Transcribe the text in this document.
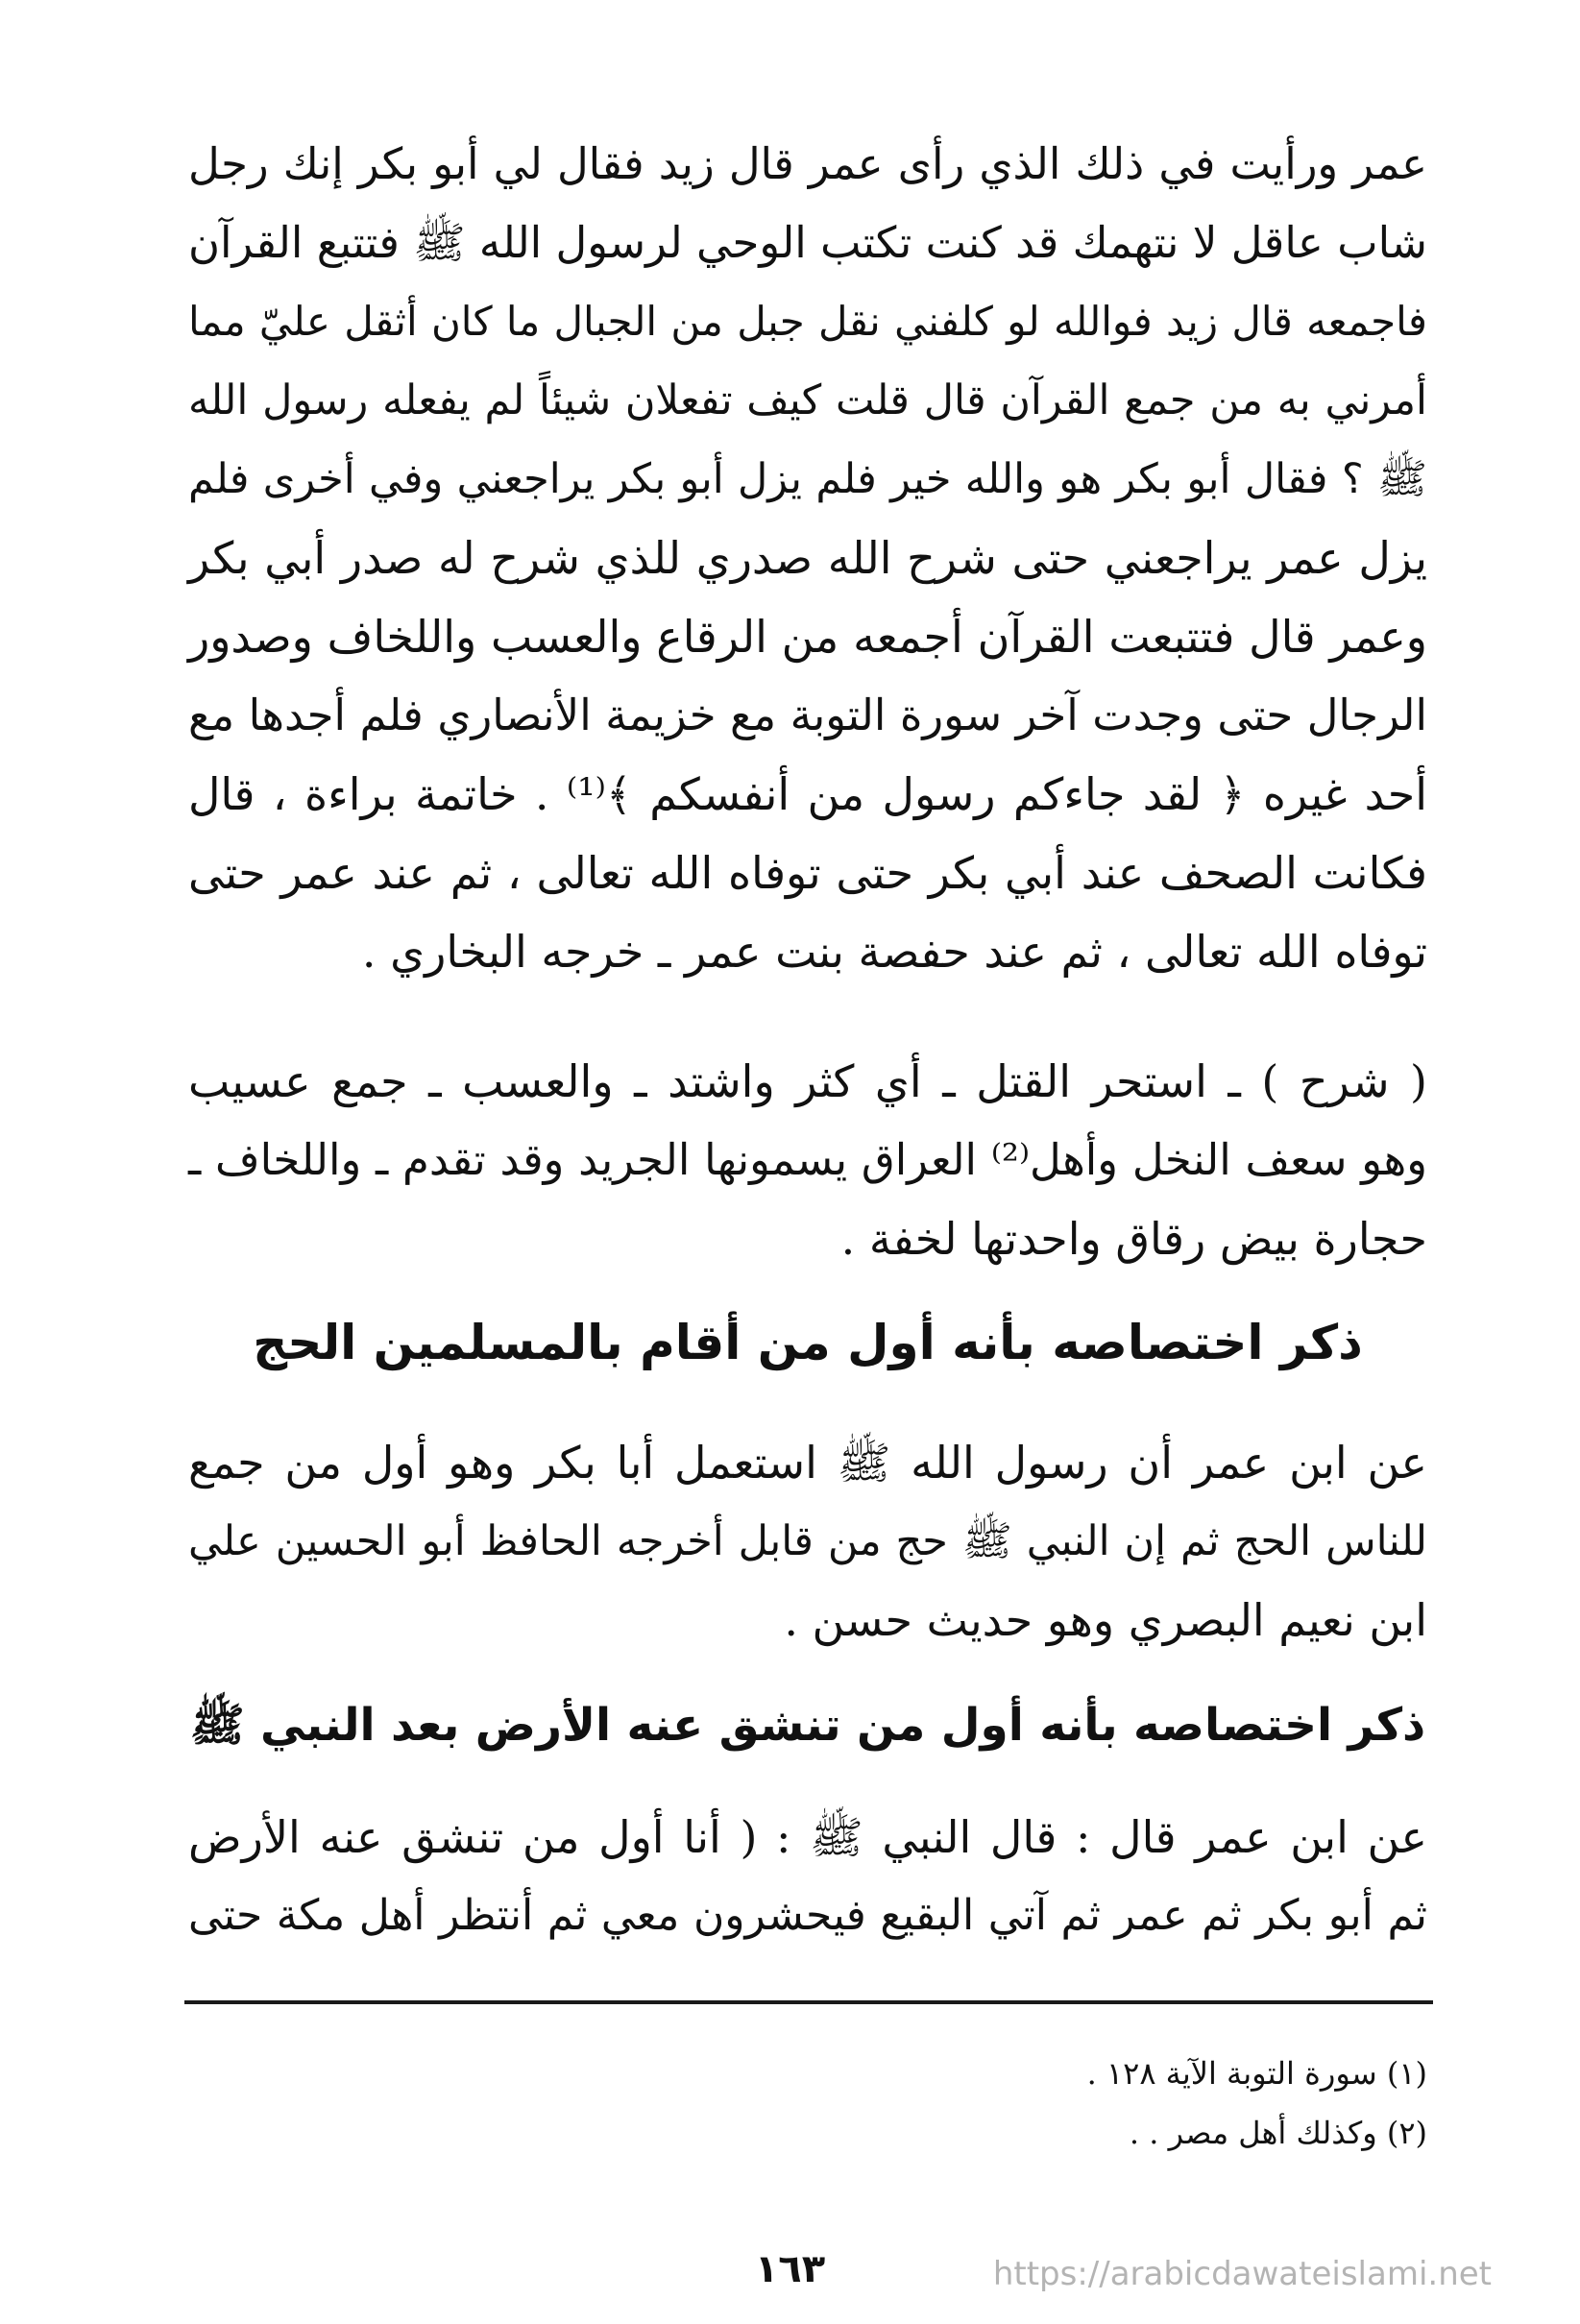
عمر ورأيت في ذلك الذي رأى عمر قال زيد فقال لي أبو بكر إنك رجل
شاب عاقل لا نتهمك قد كنت تكتب الوحي لرسول الله ﷺ فتتبع القرآن
فاجمعه قال زيد فوالله لو كلفني نقل جبل من الجبال ما كان أثقل عليّ مما
أمرني به من جمع القرآن قال قلت كيف تفعلان شيئاً لم يفعله رسول الله
ﷺ ؟ فقال أبو بكر هو والله خير فلم يزل أبو بكر يراجعني وفي أخرى فلم
يزل عمر يراجعني حتى شرح الله صدري للذي شرح له صدر أبي بكر
وعمر قال فتتبعت القرآن أجمعه من الرقاع والعسب واللخاف وصدور
الرجال حتى وجدت آخر سورة التوبة مع خزيمة الأنصاري فلم أجدها مع
أحد غيره ﴿ لقد جاءكم رسول من أنفسكم ﴾⁽¹⁾ . خاتمة براءة ، قال
فكانت الصحف عند أبي بكر حتى توفاه الله تعالى ، ثم عند عمر حتى
توفاه الله تعالى ، ثم عند حفصة بنت عمر ـ خرجه البخاري .
( شرح ) ـ استحر القتل ـ أي كثر واشتد ـ والعسب ـ جمع عسيب
وهو سعف النخل وأهل⁽²⁾ العراق يسمونها الجريد وقد تقدم ـ واللخاف ـ
حجارة بيض رقاق واحدتها لخفة .
ذكر اختصاصه بأنه أول من أقام بالمسلمين الحج
عن ابن عمر أن رسول الله ﷺ استعمل أبا بكر وهو أول من جمع
للناس الحج ثم إن النبي ﷺ حج من قابل أخرجه الحافظ أبو الحسين علي
ابن نعيم البصري وهو حديث حسن .
ذكر اختصاصه بأنه أول من تنشق عنه الأرض بعد النبي ﷺ
عن ابن عمر قال : قال النبي ﷺ : ( أنا أول من تنشق عنه الأرض
ثم أبو بكر ثم عمر ثم آتي البقيع فيحشرون معي ثم أنتظر أهل مكة حتى
(١) سورة التوبة الآية ١٢٨ .
(٢) وكذلك أهل مصر . .
١٦٣	https://arabicdawateislami.net
